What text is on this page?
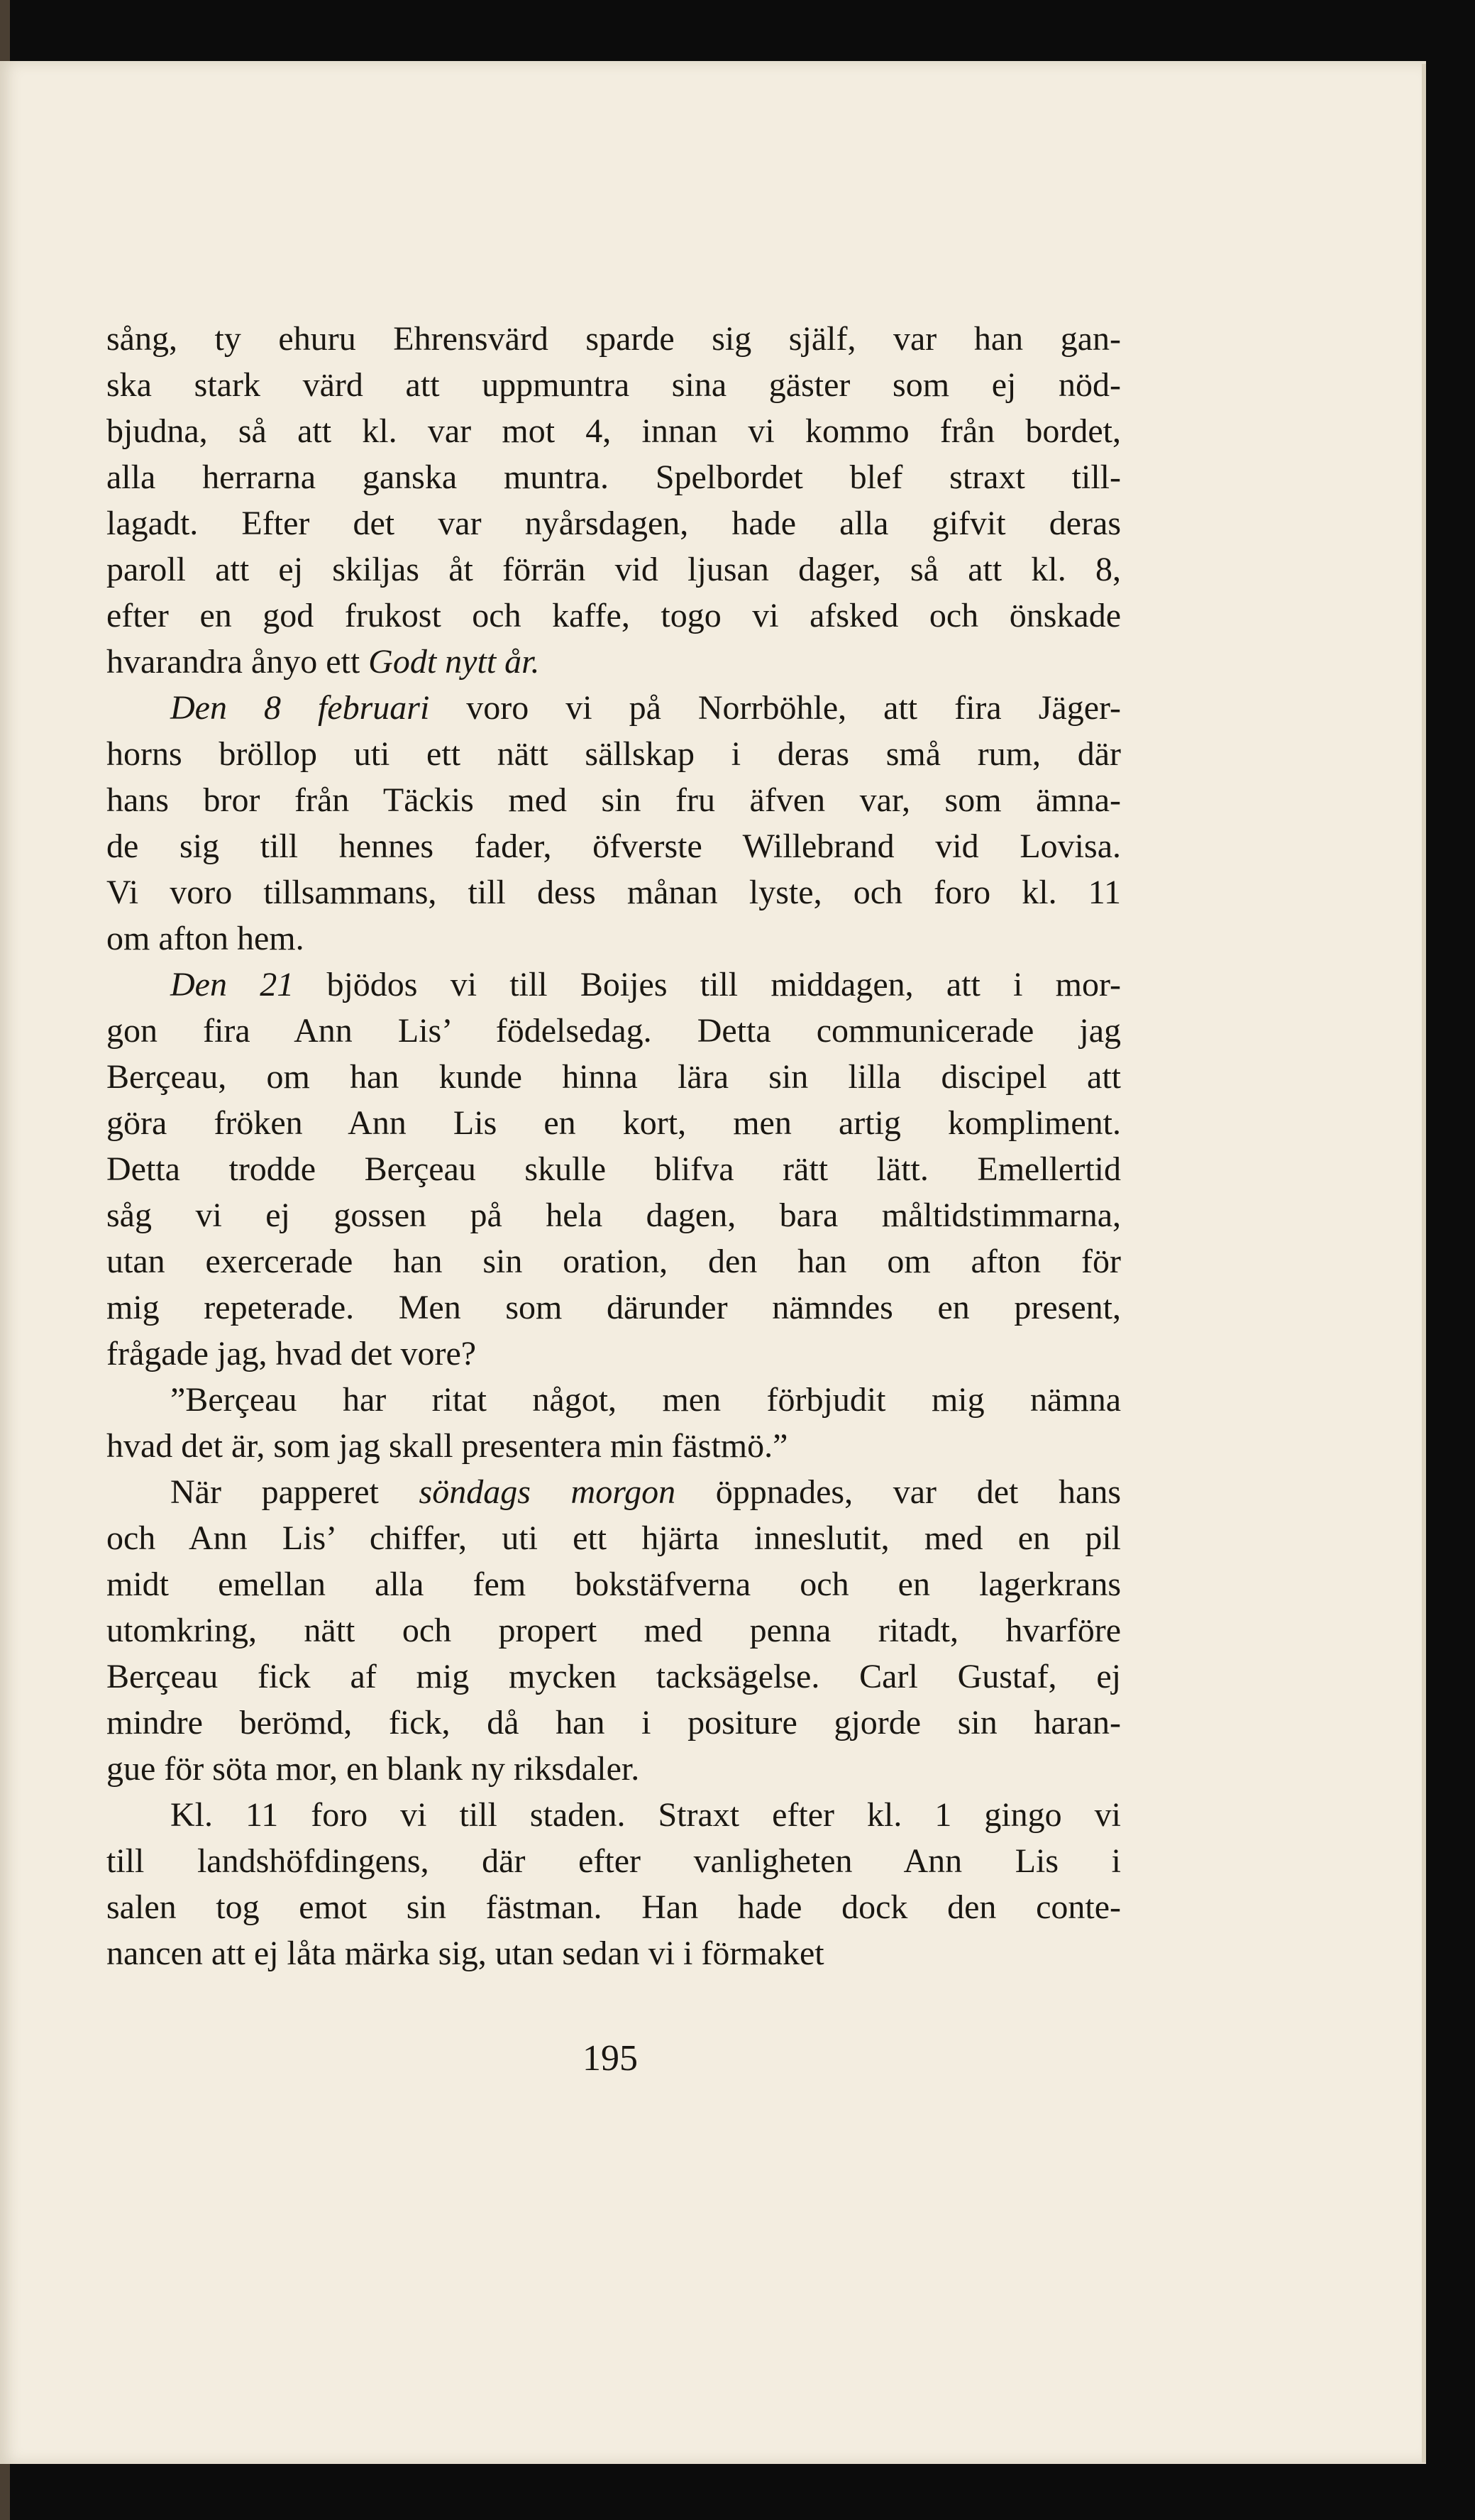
sång, ty ehuru Ehrensvärd sparde sig själf, var han gan-
ska stark värd att uppmuntra sina gäster som ej nöd-
bjudna, så att kl. var mot 4, innan vi kommo från bordet,
alla herrarna ganska muntra. Spelbordet blef straxt till-
lagadt. Efter det var nyårsdagen, hade alla gifvit deras
paroll att ej skiljas åt förrän vid ljusan dager, så att kl. 8,
efter en god frukost och kaffe, togo vi afsked och önskade
hvarandra ånyo ett Godt nytt år.
Den 8 februari voro vi på Norrböhle, att fira Jäger-
horns bröllop uti ett nätt sällskap i deras små rum, där
hans bror från Täckis med sin fru äfven var, som ämna-
de sig till hennes fader, öfverste Willebrand vid Lovisa.
Vi voro tillsammans, till dess månan lyste, och foro kl. 11
om afton hem.
Den 21 bjödos vi till Boijes till middagen, att i mor-
gon fira Ann Lis’ födelsedag. Detta communicerade jag
Berçeau, om han kunde hinna lära sin lilla discipel att
göra fröken Ann Lis en kort, men artig kompliment.
Detta trodde Berçeau skulle blifva rätt lätt. Emellertid
såg vi ej gossen på hela dagen, bara måltidstimmarna,
utan exercerade han sin oration, den han om afton för
mig repeterade. Men som därunder nämndes en present,
frågade jag, hvad det vore?
”Berçeau har ritat något, men förbjudit mig nämna
hvad det är, som jag skall presentera min fästmö.”
När papperet söndags morgon öppnades, var det hans
och Ann Lis’ chiffer, uti ett hjärta inneslutit, med en pil
midt emellan alla fem bokstäfverna och en lagerkrans
utomkring, nätt och propert med penna ritadt, hvarföre
Berçeau fick af mig mycken tacksägelse. Carl Gustaf, ej
mindre berömd, fick, då han i positure gjorde sin haran-
gue för söta mor, en blank ny riksdaler.
Kl. 11 foro vi till staden. Straxt efter kl. 1 gingo vi
till landshöfdingens, där efter vanligheten Ann Lis i
salen tog emot sin fästman. Han hade dock den conte-
nancen att ej låta märka sig, utan sedan vi i förmaket
195
